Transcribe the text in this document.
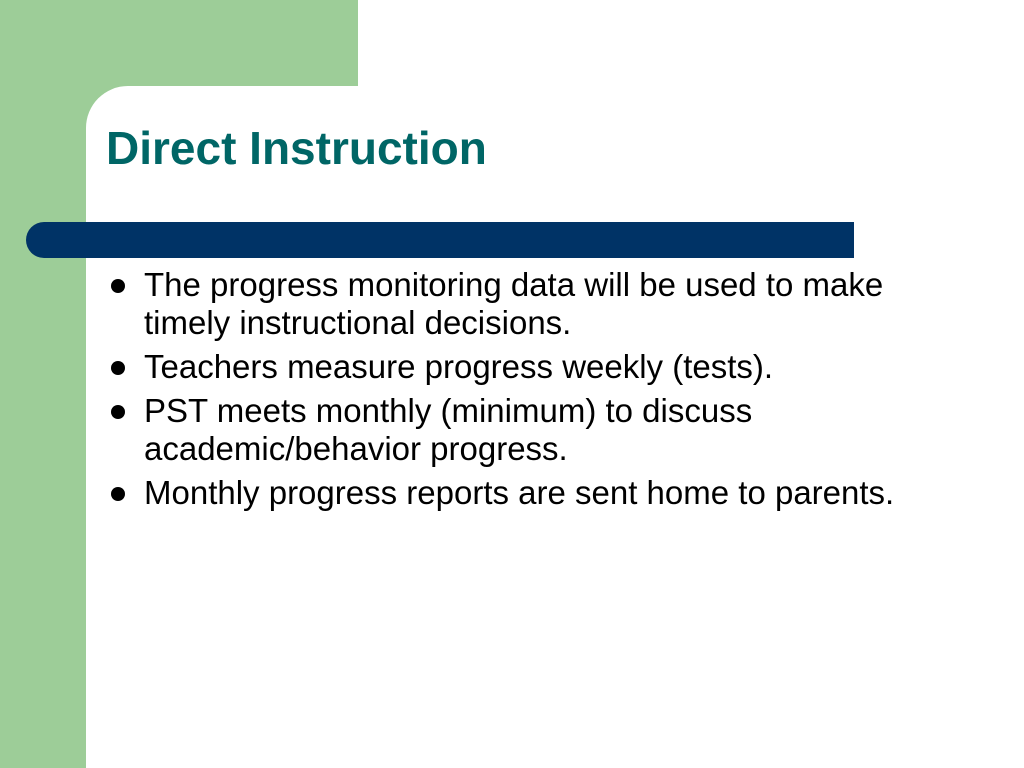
Direct Instruction
The progress monitoring data will be used to make timely instructional decisions.
Teachers measure progress weekly (tests).
PST meets monthly (minimum) to discuss academic/behavior progress.
Monthly progress reports are sent home to parents.
